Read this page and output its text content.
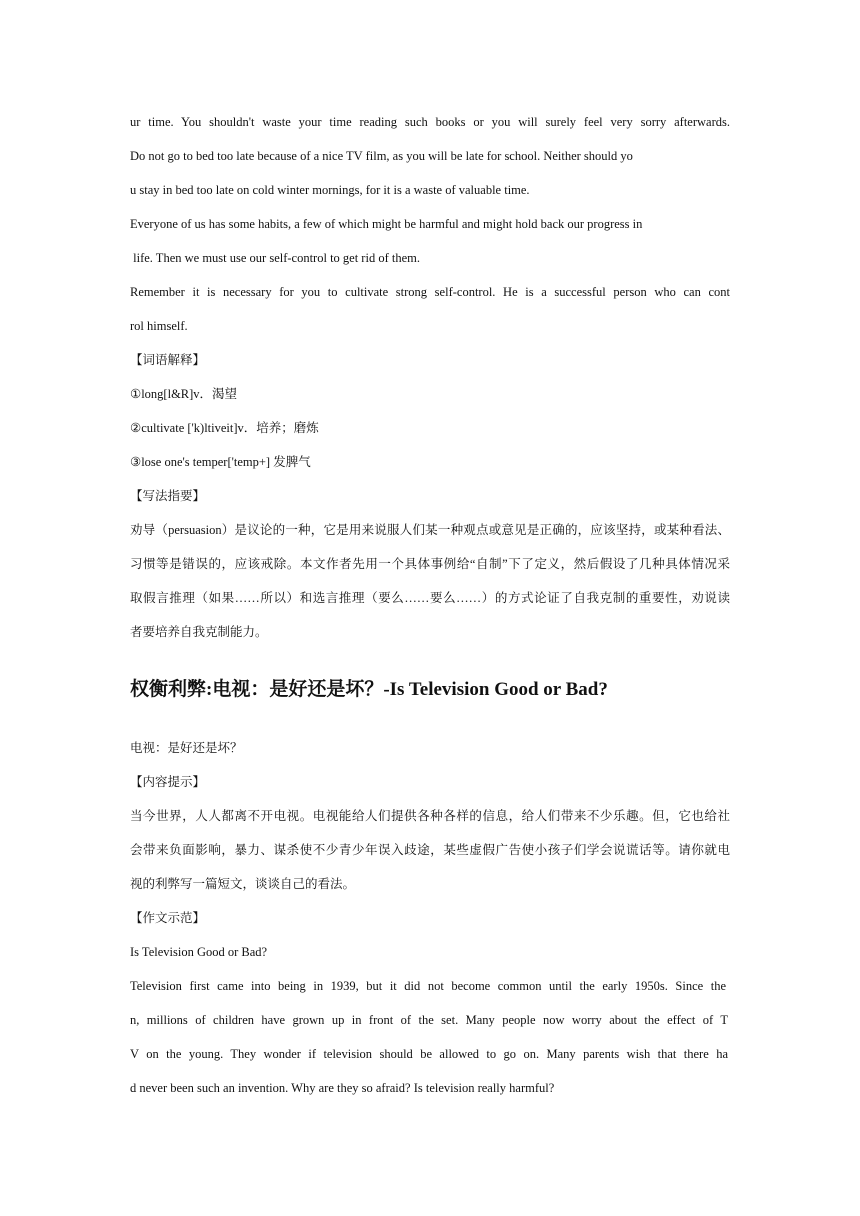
ur time. You shouldn't waste your time reading such books or you will surely feel very sorry afterwards.
Do not go to bed too late because of a nice TV film, as you will be late for school. Neither should yo
u stay in bed too late on cold winter mornings, for it is a waste of valuable time.
Everyone of us has some habits, a few of which might be harmful and might hold back our progress in
life. Then we must use our self-control to get rid of them.
Remember it is necessary for you to cultivate strong self-control. He is a successful person who can cont
rol himself.
【词语解释】
①long[l&R]v．渴望
②cultivate ['k)ltiveit]v．培养；磨炼
③lose one's temper['temp+] 发脾气
【写法指要】
劝导（persuasion）是议论的一种，它是用来说服人们某一种观点或意见是正确的，应该坚持，或某种看法、
习惯等是错误的，应该戒除。本文作者先用一个具体事例给“自制”下了定义，然后假设了几种具体情况采
取假言推理（如果……所以）和选言推理（要么……要么……）的方式论证了自我克制的重要性，劝说读
者要培养自我克制能力。
权衡利弊:电视：是好还是坏？-Is Television Good or Bad?
电视：是好还是坏？
【内容提示】
当今世界，人人都离不开电视。电视能给人们提供各种各样的信息，给人们带来不少乐趣。但，它也给社
会带来负面影响，暴力、谋杀使不少青少年误入歧途，某些虚假广告使小孩子们学会说谎话等。请你就电
视的利弊写一篇短文，谈谈自己的看法。
【作文示范】
Is Television Good or Bad?
Television first came into being in 1939, but it did not become common until the early 1950s. Since the
n, millions of children have grown up in front of the set. Many people now worry about the effect of T
V on the young. They wonder if television should be allowed to go on. Many parents wish that there ha
d never been such an invention. Why are they so afraid? Is television really harmful?
